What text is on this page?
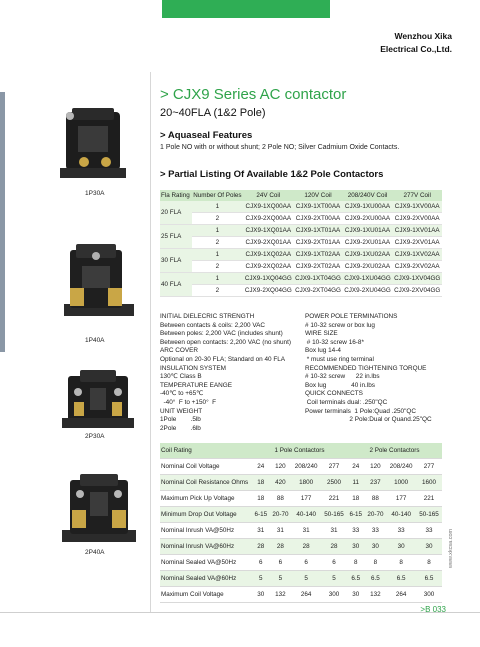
Wenzhou Xika
Electrical Co.,Ltd.
1P30A
1P40A
2P30A
2P40A
> CJX9 Series AC contactor
20~40FLA (1&2 Pole)
> Aquaseal Features
1 Pole NO with or without shunt; 2 Pole NO; Silver Cadmium Oxide Contacts.
> Partial Listing Of Available 1&2 Pole Contactors
Fla Rating	Number Of Poles	24V Coil	120V Coil	208/240V Coil	277V Coil
20 FLA	1	CJX9-1XQ00AA	CJX9-1XT00AA	CJX9-1XU00AA	CJX9-1XV00AA
	2	CJX9-2XQ00AA	CJX9-2XT00AA	CJX9-2XU00AA	CJX9-2XV00AA
25 FLA	1	CJX9-1XQ01AA	CJX9-1XT01AA	CJX9-1XU01AA	CJX9-1XV01AA
	2	CJX9-2XQ01AA	CJX9-2XT01AA	CJX9-2XU01AA	CJX9-2XV01AA
30 FLA	1	CJX9-1XQ02AA	CJX9-1XT02AA	CJX9-1XU02AA	CJX9-1XV02AA
	2	CJX9-2XQ02AA	CJX9-2XT02AA	CJX9-2XU02AA	CJX9-2XV02AA
40 FLA	1	CJX9-1XQ04GG	CJX9-1XT04GG	CJX9-1XU04GG	CJX9-1XV04GG
	2	CJX9-2XQ04GG	CJX9-2XT04GG	CJX9-2XU04GG	CJX9-2XV04GG
INITIAL DIELECRIC STRENGTH
Between contacts & coils: 2,200 VAC
Between poles: 2,200 VAC (includes shunt)
Between open contacts: 2,200 VAC (no shunt)
ARC COVER
Optional on 20-30 FLA; Standard on 40 FLA
INSULATION SYSTEM
130℃ Class B
TEMPERATURE EANGE
-40℃ to +65℃
-40°  F to +150°  F
UNIT WEIGHT
1Pole        .5lb
2Pole        .6lb
POWER POLE TERMINATIONS
# 10-32 screw or box lug
WIRE SIZE
# 10-32 screw 16-8*
Box lug 14-4
* must use ring terminal
RECOMMENDED TIGHTENING TORQUE
# 10-32 screw      22 in.lbs
Box lug              40 in.lbs
QUICK CONNECTS
Coil terminals dual: .250"QC
Power terminals  1 Pole:Quad .250"QC
2 Pole:Dual or Quand.25"QC
Coil Rating	1 Pole Contactors				2 Pole Contactors			
Nominal Coil Voltage	24	120	208/240	277	24	120	208/240	277
Nominal Coil Resistance Ohms	18	420	1800	2500	11	237	1000	1600
Maximum Pick Up Voltage	18	88	177	221	18	88	177	221
Minimum Drop Out Voltage	6-15	20-70	40-140	50-165	6-15	20-70	40-140	50-165
Nominal Inrush VA@50Hz	31	31	31	31	33	33	33	33
Nominal Inrush VA@60Hz	28	28	28	28	30	30	30	30
Nominal Sealed VA@50Hz	6	6	6	6	8	8	8	8
Nominal Sealed VA@60Hz	5	5	5	5	6.5	6.5	6.5	6.5
Maximum Coil Voltage	30	132	264	300	30	132	264	300
www.xkcsa.com
>B 033
